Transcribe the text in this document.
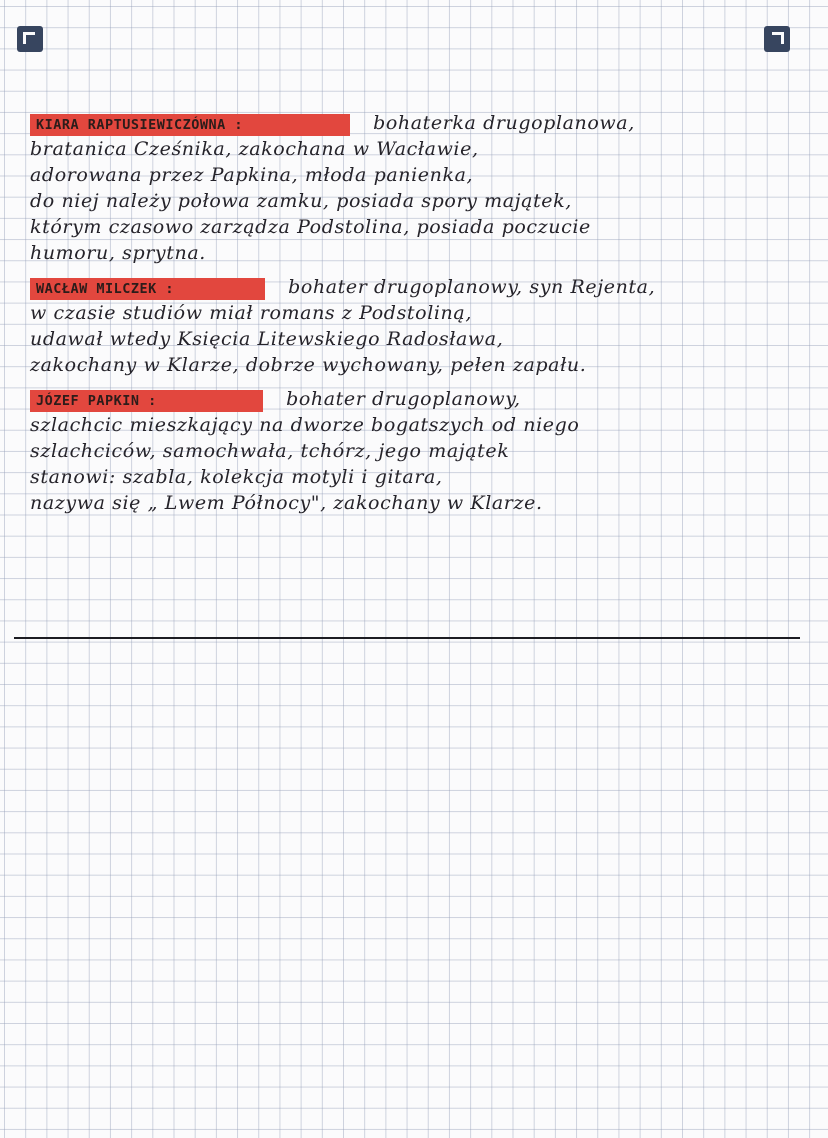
KIARA RAPTUSIEWICZÓWNA :	bohaterka drugoplanowa,
bratanica Cześnika, zakochana w Wacławie,
adorowana przez Papkina, młoda panienka,
do niej należy połowa zamku, posiada spory majątek,
którym czasowo zarządza Podstolina, posiada poczucie
humoru, sprytna.
WACŁAW MILCZEK :	bohater drugoplanowy, syn Rejenta,
w czasie studiów miał romans z Podstoliną,
udawał wtedy Księcia Litewskiego Radosława,
zakochany w Klarze, dobrze wychowany, pełen zapału.
JÓZEF PAPKIN :	bohater drugoplanowy,
szlachcic mieszkający na dworze bogatszych od niego
szlachciców, samochwała, tchórz, jego majątek
stanowi: szabla, kolekcja motyli i gitara,
nazywa się „ Lwem Północy", zakochany w Klarze.
